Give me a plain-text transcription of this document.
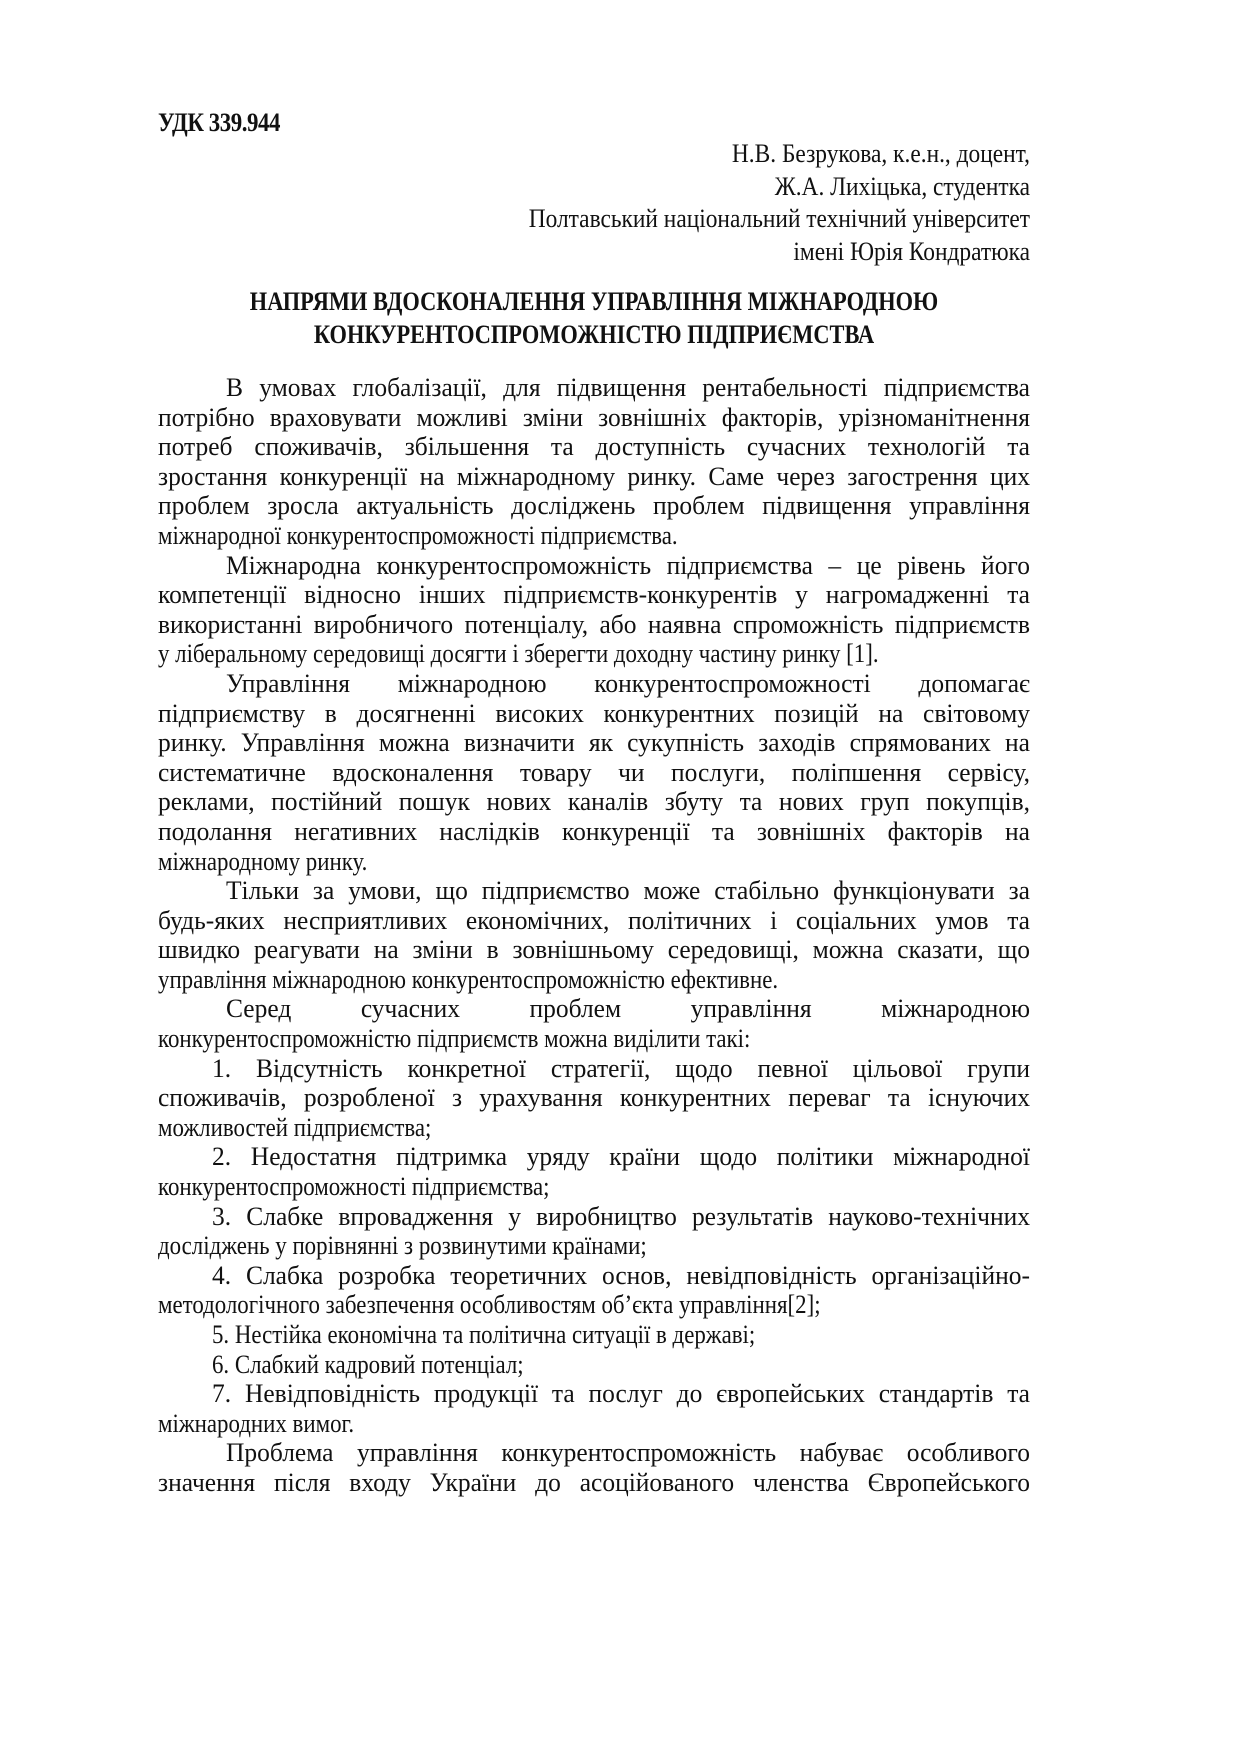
УДК 339.944
Н.В. Безрукова, к.е.н., доцент,
Ж.А. Лихіцька, студентка
Полтавський національний технічний університет
імені Юрія Кондратюка
НАПРЯМИ ВДОСКОНАЛЕННЯ УПРАВЛІННЯ МІЖНАРОДНОЮ
КОНКУРЕНТОСПРОМОЖНІСТЮ ПІДПРИЄМСТВА
В умовах глобалізації, для підвищення рентабельності підприємства
потрібно враховувати можливі зміни зовнішніх факторів, урізноманітнення
потреб споживачів, збільшення та доступність сучасних технологій та
зростання конкуренції на міжнародному ринку. Саме через загострення цих
проблем зросла актуальність досліджень проблем підвищення управління
міжнародної конкурентоспроможності підприємства.
Міжнародна конкурентоспроможність підприємства – це рівень його
компетенції відносно інших підприємств-конкурентів у нагромадженні та
використанні виробничого потенціалу, або наявна спроможність підприємств
у ліберальному середовищі досягти і зберегти доходну частину ринку [1].
Управління міжнародною конкурентоспроможності допомагає
підприємству в досягненні високих конкурентних позицій на світовому
ринку. Управління можна визначити як сукупність заходів спрямованих на
систематичне вдосконалення товару чи послуги, поліпшення сервісу,
реклами, постійний пошук нових каналів збуту та нових груп покупців,
подолання негативних наслідків конкуренції та зовнішніх факторів на
міжнародному ринку.
Тільки за умови, що підприємство може стабільно функціонувати за
будь-яких несприятливих економічних, політичних і соціальних умов та
швидко реагувати на зміни в зовнішньому середовищі, можна сказати, що
управління міжнародною конкурентоспроможністю ефективне.
Серед сучасних проблем управління міжнародною
конкурентоспроможністю підприємств можна виділити такі:
1. Відсутність конкретної стратегії, щодо певної цільової групи
споживачів, розробленої з урахування конкурентних переваг та існуючих
можливостей підприємства;
2. Недостатня підтримка уряду країни щодо політики міжнародної
конкурентоспроможності підприємства;
3. Слабке впровадження у виробництво результатів науково-технічних
досліджень у порівнянні з розвинутими країнами;
4. Слабка розробка теоретичних основ, невідповідність організаційно-
методологічного забезпечення особливостям об’єкта управління[2];
5. Нестійка економічна та політична ситуації в державі;
6. Слабкий кадровий потенціал;
7. Невідповідність продукції та послуг до європейських стандартів та
міжнародних вимог.
Проблема управління конкурентоспроможність набуває особливого
значення після входу України до асоційованого членства Європейського
